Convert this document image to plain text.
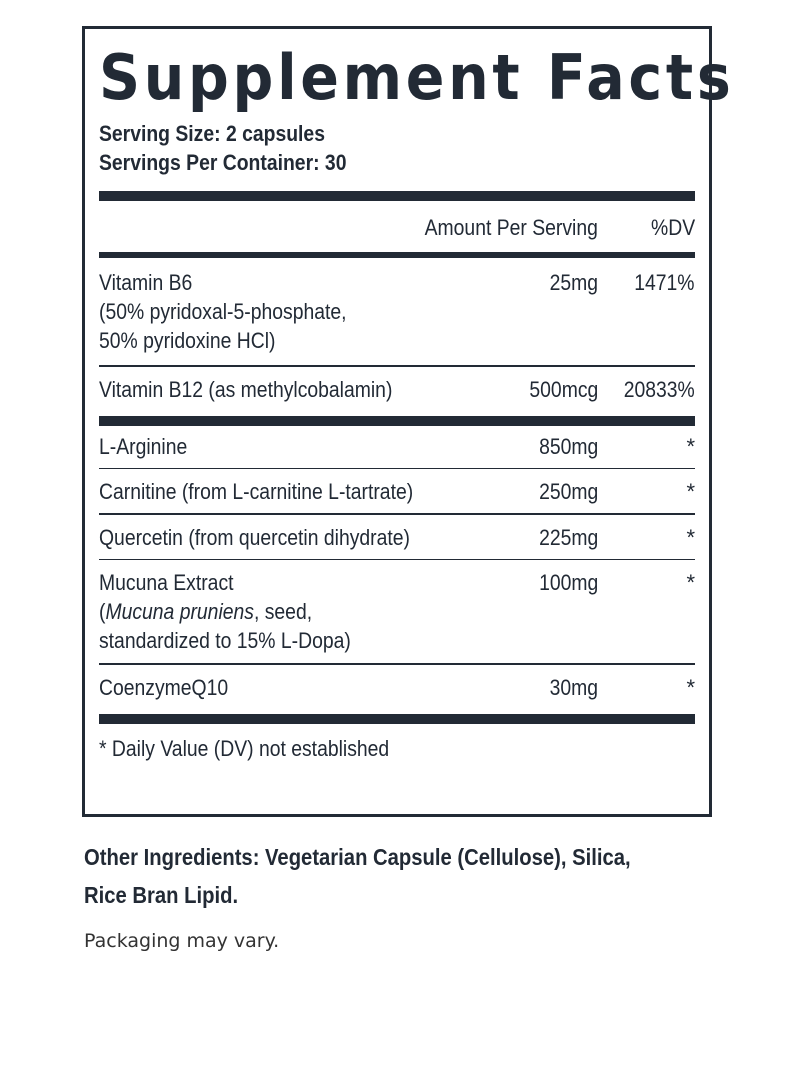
Supplement Facts
Serving Size: 2 capsules
Servings Per Container: 30
Amount Per Serving	%DV
Vitamin B6
(50% pyridoxal-5-phosphate,
50% pyridoxine HCl)
25mg	1471%
Vitamin B12 (as methylcobalamin)	500mcg	20833%
L-Arginine	850mg	*
Carnitine (from L-carnitine L-tartrate)	250mg	*
Quercetin (from quercetin dihydrate)	225mg	*
Mucuna Extract
(Mucuna pruniens, seed,
standardized to 15% L-Dopa)
100mg	*
CoenzymeQ10	30mg	*
* Daily Value (DV) not established
Other Ingredients: Vegetarian Capsule (Cellulose), Silica,
Rice Bran Lipid.
Packaging may vary.
